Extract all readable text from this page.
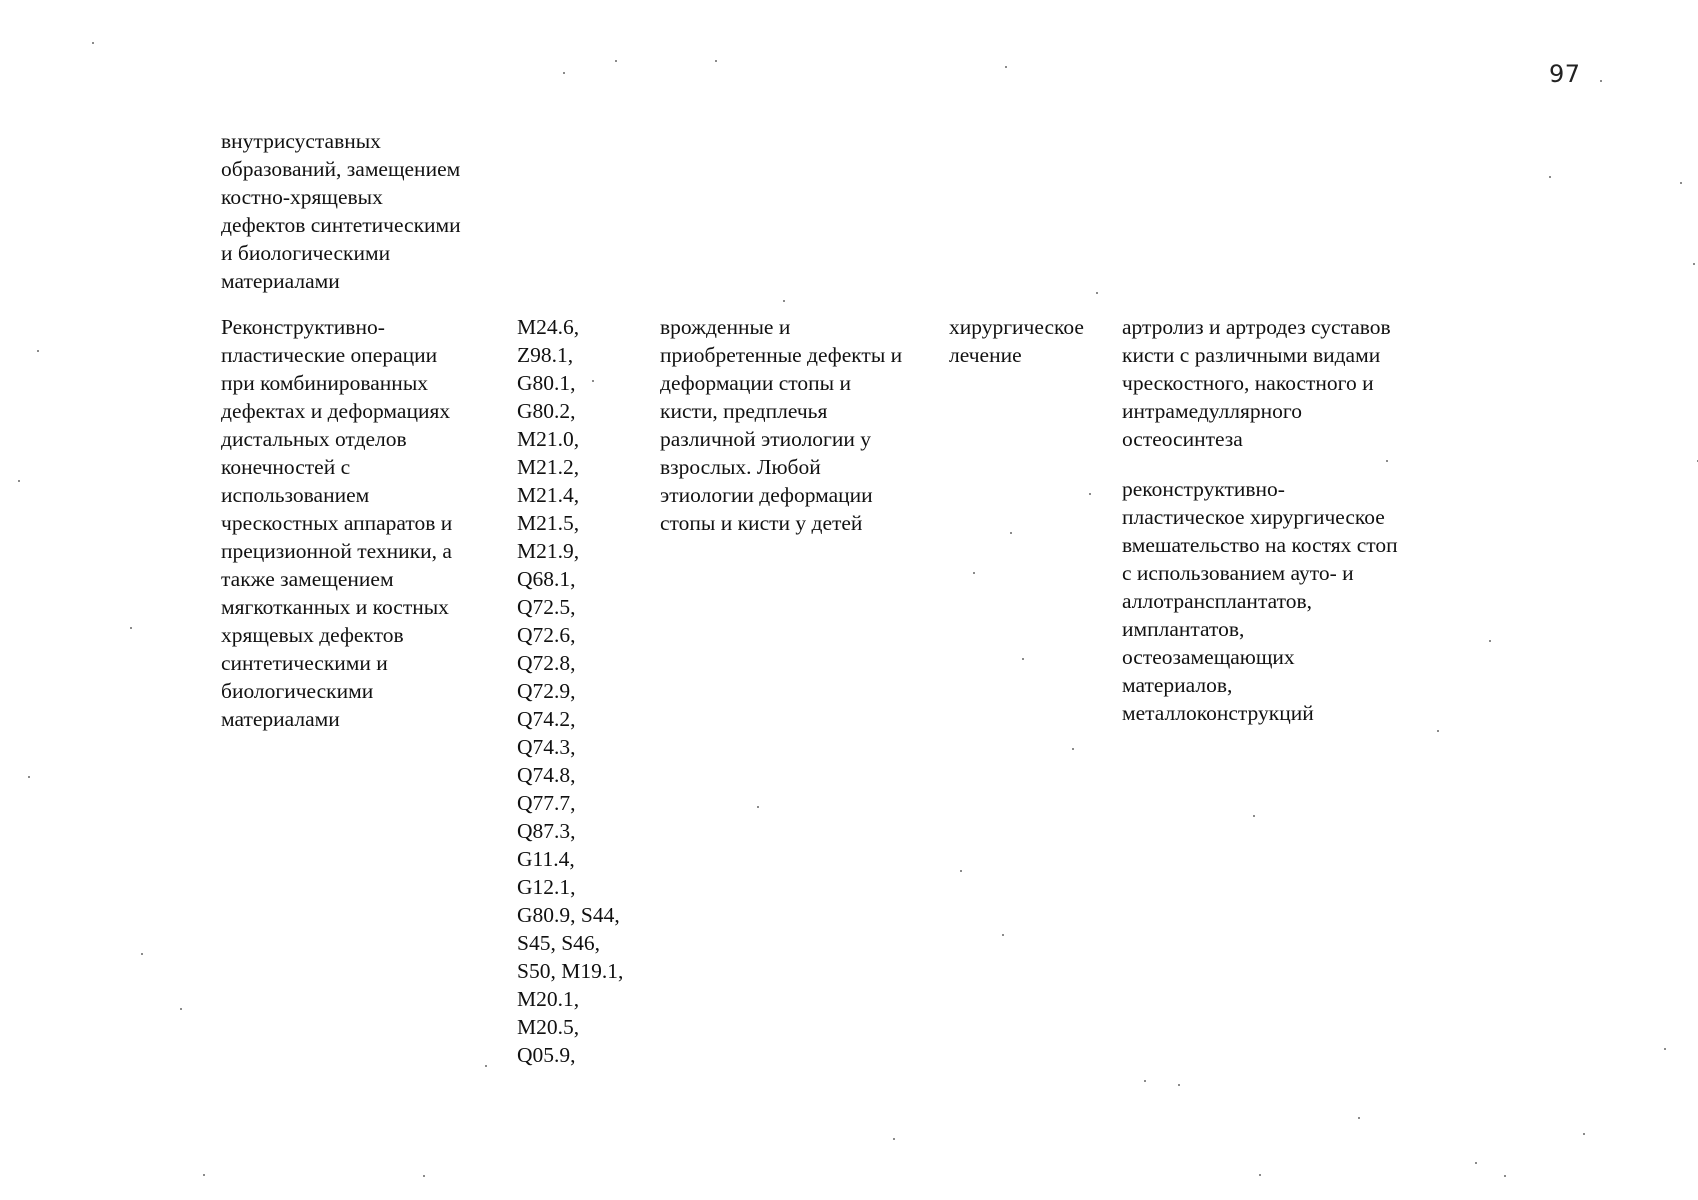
97
внутрисуставных
образований, замещением
костно-хрящевых
дефектов синтетическими
и биологическими
материалами
Реконструктивно-
пластические операции
при комбинированных
дефектах и деформациях
дистальных отделов
конечностей с
использованием
чрескостных аппаратов и
прецизионной техники, а
также замещением
мягкотканных и костных
хрящевых дефектов
синтетическими и
биологическими
материалами
М24.6,
Z98.1,
G80.1,
G80.2,
M21.0,
M21.2,
M21.4,
M21.5,
M21.9,
Q68.1,
Q72.5,
Q72.6,
Q72.8,
Q72.9,
Q74.2,
Q74.3,
Q74.8,
Q77.7,
Q87.3,
G11.4,
G12.1,
G80.9, S44,
S45, S46,
S50, M19.1,
M20.1,
M20.5,
Q05.9,
врожденные и
приобретенные дефекты и
деформации стопы и
кисти, предплечья
различной этиологии у
взрослых. Любой
этиологии деформации
стопы и кисти у детей
хирургическое
лечение
артролиз и артродез суставов
кисти с различными видами
чрескостного, накостного и
интрамедуллярного
остеосинтеза
реконструктивно-
пластическое хирургическое
вмешательство на костях стоп
с использованием ауто- и
аллотрансплантатов,
имплантатов,
остеозамещающих
материалов,
металлоконструкций
